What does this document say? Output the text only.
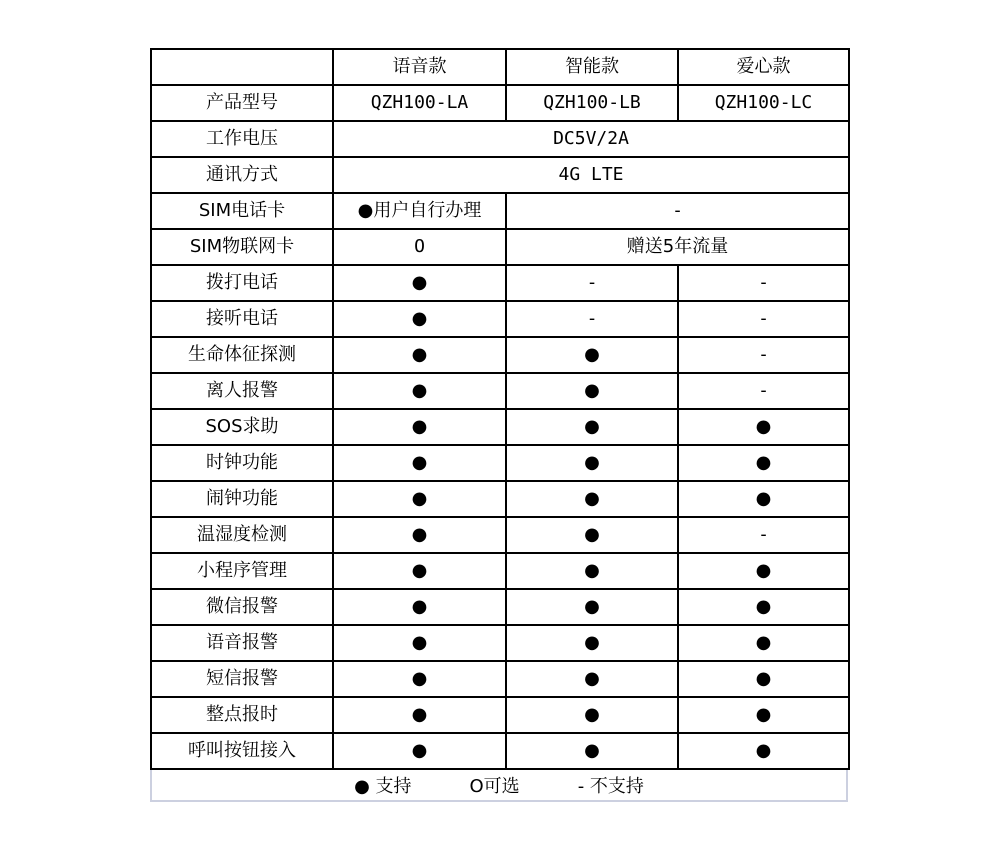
	语音款	智能款	爱心款
产品型号	QZH100-LA	QZH100-LB	QZH100-LC
工作电压	DC5V/2A		
通讯方式	4G LTE		
SIM电话卡	●用户自行办理	-	
SIM物联网卡	O	赠送5年流量	
拨打电话	●	-	-
接听电话	●	-	-
生命体征探测	●	●	-
离人报警	●	●	-
SOS求助	●	●	●
时钟功能	●	●	●
闹钟功能	●	●	●
温湿度检测	●	●	-
小程序管理	●	●	●
微信报警	●	●	●
语音报警	●	●	●
短信报警	●	●	●
整点报时	●	●	●
呼叫按钮接入	●	●	●
● 支持	O可选	- 不支持
